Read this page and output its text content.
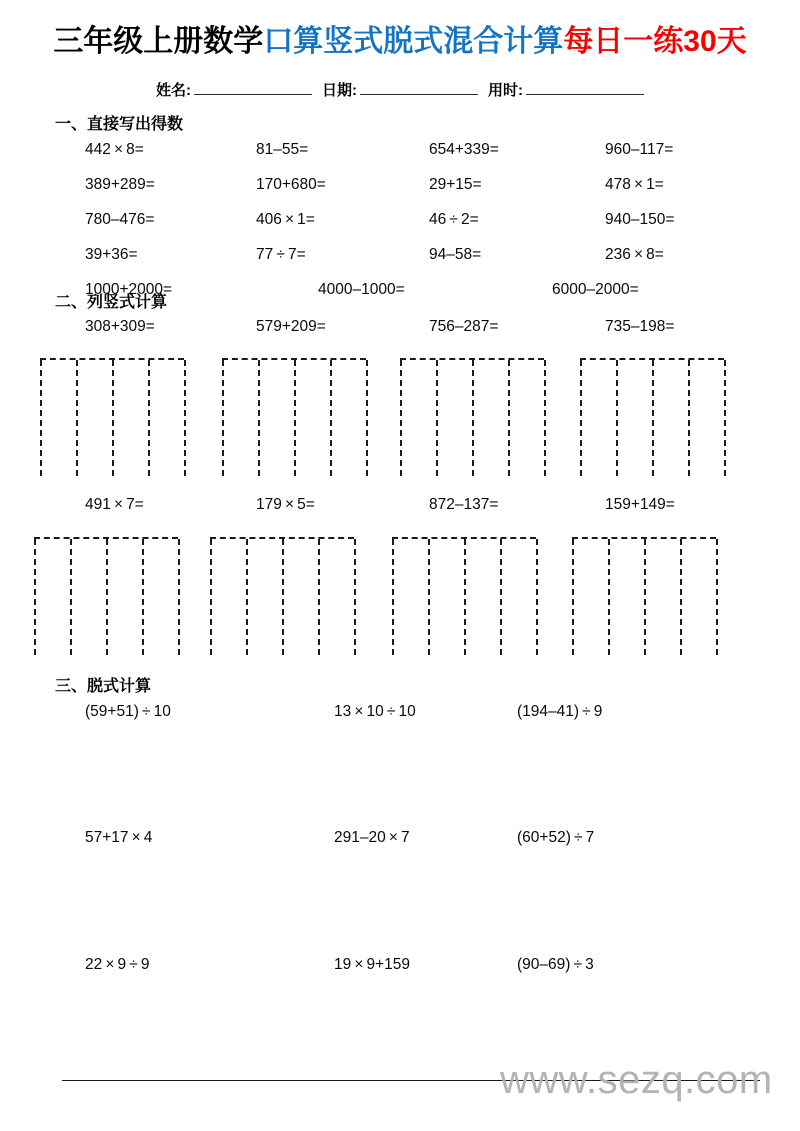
三年级上册数学口算竖式脱式混合计算每日一练30天
姓名:	日期:	用时:
一、直接写出得数
442 × 8=	81–55=	654+339=	960–117=
389+289=	170+680=	29+15=	478 × 1=
780–476=	406 × 1=	46 ÷ 2=	940–150=
39+36=	77 ÷ 7=	94–58=	236 × 8=
1000+2000=	4000–1000=	6000–2000=
二、列竖式计算
308+309=	579+209=	756–287=	735–198=
491 × 7=	179 × 5=	872–137=	159+149=
三、脱式计算
(59+51) ÷ 10	13 × 10 ÷ 10	(194–41) ÷ 9
57+17 × 4	291–20 × 7	(60+52) ÷ 7
22 × 9 ÷ 9	19 × 9+159	(90–69) ÷ 3
www.sezq.com
